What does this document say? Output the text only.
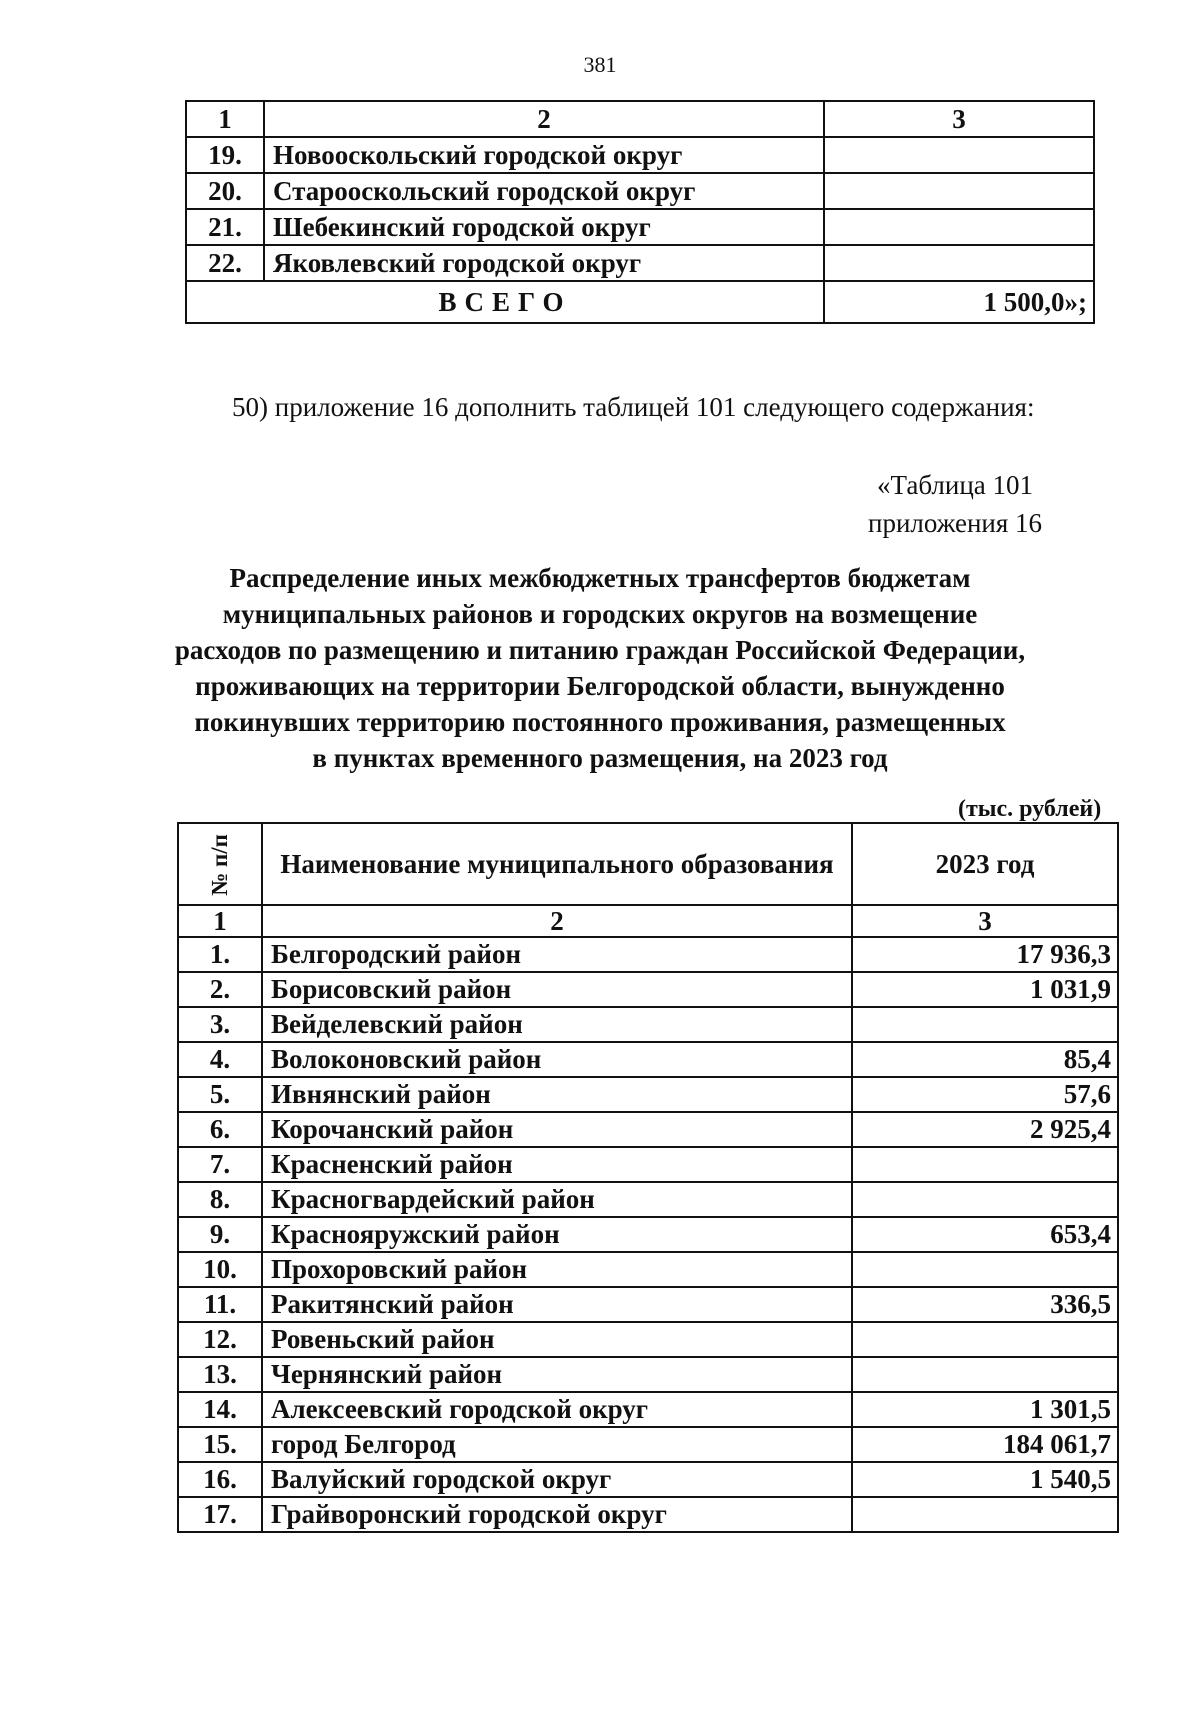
381
1	2	3
19.	Новооскольский городской округ	
20.	Старооскольский городской округ	
21.	Шебекинский городской округ	
22.	Яковлевский городской округ	
ВСЕГО		1 500,0»;
50) приложение 16 дополнить таблицей 101 следующего содержания:
«Таблица 101
приложения 16
Распределение иных межбюджетных трансфертов бюджетам
муниципальных районов и городских округов на возмещение
расходов по размещению и питанию граждан Российской Федерации,
проживающих на территории Белгородской области, вынужденно
покинувших территорию постоянного проживания, размещенных
в пунктах временного размещения, на 2023 год
(тыс. рублей)
№ п/п	Наименование муниципального образования	2023 год
1	2	3
1.	Белгородский район	17 936,3
2.	Борисовский район	1 031,9
3.	Вейделевский район	
4.	Волоконовский район	85,4
5.	Ивнянский район	57,6
6.	Корочанский район	2 925,4
7.	Красненский район	
8.	Красногвардейский район	
9.	Краснояружский район	653,4
10.	Прохоровский район	
11.	Ракитянский район	336,5
12.	Ровеньский район	
13.	Чернянский район	
14.	Алексеевский городской округ	1 301,5
15.	город Белгород	184 061,7
16.	Валуйский городской округ	1 540,5
17.	Грайворонский городской округ	
